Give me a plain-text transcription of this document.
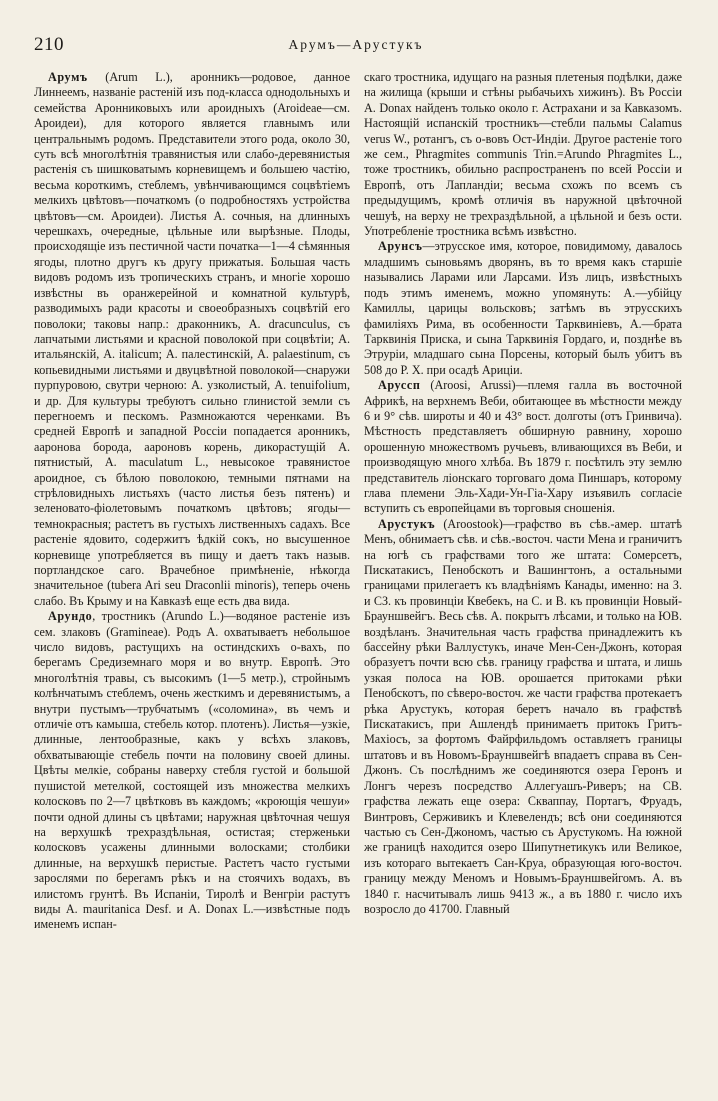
210	Арумъ—Арустукъ

Арумъ (Arum L.), аронникъ—родовое, данное Линнеемъ, названіе растеній изъ под-класса однодольныхъ и семейства Аронниковыхъ или ароидныхъ (Aroideae—см. Ароидеи), для которого является главнымъ или центральнымъ родомъ. Представители этого рода, около 30, суть всѣ многолѣтнія травянистыя или слабо-деревянистыя растенія съ шишковатымъ корневищемъ и большею частію, весьма короткимъ, стеблемъ, увѣнчивающимся соцвѣтіемъ мелкихъ цвѣтовъ—початкомъ (о подробностяхъ устройства цвѣтовъ—см. Ароидеи). Листья А. сочныя, на длинныхъ черешкахъ, очередные, цѣльные или вырѣзные. Плоды, происходящіе изъ пестичной части початка—1—4 сѣмянныя ягоды, плотно другъ къ другу прижатыя. Большая часть видовъ родомъ изъ тропическихъ странъ, и многіе хорошо извѣстны въ оранжерейной и комнатной культурѣ, разводимыхъ ради красоты и своеобразныхъ соцвѣтій его поволоки; таковы напр.: драконникъ, A. dracunculus, съ лапчатыми листьями и красной поволокой при соцвѣтіи; А. итальянскій, A. italicum; А. палестинскій, A. palaestinum, съ копьевидными листьями и двуцвѣтной поволокой—снаружи пурпуровою, свутри черною: А. узколистый, A. tenuifolium, и др. Для культуры требуютъ сильно глинистой земли съ перегноемъ и пескомъ. Размножаются черенками. Въ средней Европѣ и западной Россіи попадается аронникъ, аароновa борода, аароновъ корень, дикорастущій А. пятнистый, A. maculatum L., невысокое травянистое ароидное, съ бѣлою поволокою, темными пятнами на стрѣловидныхъ листьяхъ (часто листья безъ пятенъ) и зеленовато-фіолетовымъ початкомъ цвѣтовъ; ягоды—темнокрасныя; растетъ въ густыхъ лиственныхъ садахъ. Все растеніе ядовито, содержитъ ѣдкій сокъ, но высушенное корневище употребляется въ пищу и даетъ такъ назыв. портландское саго. Врачебное примѣненіе, нѣкогда значительное (tubera Ari seu Draconlii minoris), теперь очень слабо. Въ Крыму и на Кавказѣ еще есть два вида.

Арундо, тростникъ (Arundo L.)—водяное растеніе изъ сем. злаковъ (Gramineae). Родъ А. охватываетъ небольшое число видовъ, растущихъ на остиндскихъ о-вахъ, по берегамъ Средиземнаго моря и во внутр. Европѣ. Это многолѣтнія травы, съ высокимъ (1—5 метр.), стройнымъ колѣнчатымъ стеблемъ, очень жесткимъ и деревянистымъ, а внутри пустымъ—трубчатымъ («соломина», въ чемъ и отличіе отъ камыша, стебель котор. плотенъ). Листья—узкіе, длинные, лентообразные, какъ у всѣхъ злаковъ, обхватывающіе стебель почти на половину своей длины. Цвѣты мелкіе, собраны наверху стебля густой и большой пушистой метелкой, состоящей изъ множества мелкихъ колосковъ по 2—7 цвѣтковъ въ каждомъ; «кроющія чешуи» почти одной длины съ цвѣтами; наружная цвѣточная чешуя на верхушкѣ трехраздѣльная, остистая; стерженьки колосковъ усажены длинными волосками; столбики длинные, на верхушкѣ перистые. Растетъ часто густыми зарослями по берегамъ рѣкъ и на стоячихъ водахъ, въ илистомъ грунтѣ. Въ Испаніи, Тиролѣ и Венгріи растутъ виды A. mauritanica Desf. и A. Donax L.—извѣстные подъ именемъ испан-

скаго тростника, идущаго на разныя плетеныя подѣлки, даже на жилища (крыши и стѣны рыбачьихъ хижинъ). Въ Россіи A. Donax найденъ только около г. Астрахани и за Кавказомъ. Настоящій испанскій тростникъ—стебли пальмы Calamus verus W., ротангъ, съ о-вовъ Ост-Индіи. Другое растеніе того же сем., Phragmites communis Trin.=Arundo Phragmites L., тоже тростникъ, обильно распространенъ по всей Россіи и Европѣ, отъ Лапландіи; весьма схожъ по всемъ съ предыдущимъ, кромѣ отличія въ наружной цвѣточной чешуѣ, на верху не трехраздѣльной, а цѣльной и безъ ости. Употребленіе тростника всѣмъ извѣстно.

Арунсъ—этрусское имя, которое, повидимому, давалось младшимъ сыновьямъ дворянъ, въ то время какъ старшіе назывались Ларами или Ларсами. Изъ лицъ, извѣстныхъ подъ этимъ именемъ, можно упомянуть: А.—убійцу Камиллы, царицы вольсковъ; затѣмъ въ этрусскихъ фамиліяхъ Рима, въ особенности Тарквиніевъ, А.—брата Тарквинія Приска, и сына Тарквинія Гордаго, и, позднѣе въ Этруріи, младшаго сына Порсены, который былъ убитъ въ 508 до Р. Х. при осадѣ Ариціи.

Аруссп (Aroosi, Arussi)—племя галла въ восточной Африкѣ, на верхнемъ Веби, обитающее въ мѣстности между 6 и 9° сѣв. широты и 40 и 43° вост. долготы (отъ Гринвича). Мѣстность представляетъ обширную равнину, хорошо орошенную множествомъ ручьевъ, вливающихся въ Веби, и производящую много хлѣба. Въ 1879 г. посѣтилъ эту землю представитель ліонскаго торговаго дома Пиншаръ, которому глава племени Эль-Хади-Ун-Гіа-Хару изъявилъ согласіе вступить съ европейцами въ торговыя сношенія.

Арустукъ (Aroostook)—графство въ сѣв.-амер. штатѣ Менъ, обнимаетъ сѣв. и сѣв.-восточ. части Мена и граничитъ на югѣ съ графствами того же штата: Сомерсетъ, Пискатакисъ, Пенобскотъ и Вашингтонъ, а остальными границами прилегаетъ къ владѣніямъ Канады, именно: на З. и СЗ. къ провинціи Квебекъ, на С. и В. къ провинціи Новый-Брауншвейгъ. Весь сѣв. А. покрытъ лѣсами, и только на ЮВ. воздѣланъ. Значительная часть графства принадлежитъ къ бассейну рѣки Валлустукъ, иначе Мен-Сен-Джонъ, которая образуетъ почти всю сѣв. границу графства и штата, и лишь узкая полоса на ЮВ. орошается притоками рѣки Пенобскотъ, по сѣверо-восточ. же части графства протекаетъ рѣка Арустукъ, которая беретъ начало въ графствѣ Пискатакисъ, при Ашлендѣ принимаетъ притокъ Гритъ-Махіосъ, за фортомъ Файрфильдомъ оставляетъ границы штатовъ и въ Новомъ-Брауншвейгѣ впадаетъ справа въ Сен-Джонъ. Съ послѣднимъ же соединяются озера Геронъ и Лонгъ черезъ посредство Аллегуашъ-Риверъ; на СВ. графства лежать еще озера: Скваппау, Портагъ, Фруадъ, Винтровъ, Серживикъ и Клевелендъ; всѣ они соединяются частью съ Сен-Джономъ, частью съ Арустукомъ. На южной же границѣ находится озеро Шипутнетикукъ или Великое, изъ котораго вытекаетъ Сан-Круа, образующая юго-восточ. границу между Меномъ и Новымъ-Брауншвейгомъ. А. въ 1840 г. насчитывалъ лишь 9413 ж., а въ 1880 г. число ихъ возросло до 41700. Главный
